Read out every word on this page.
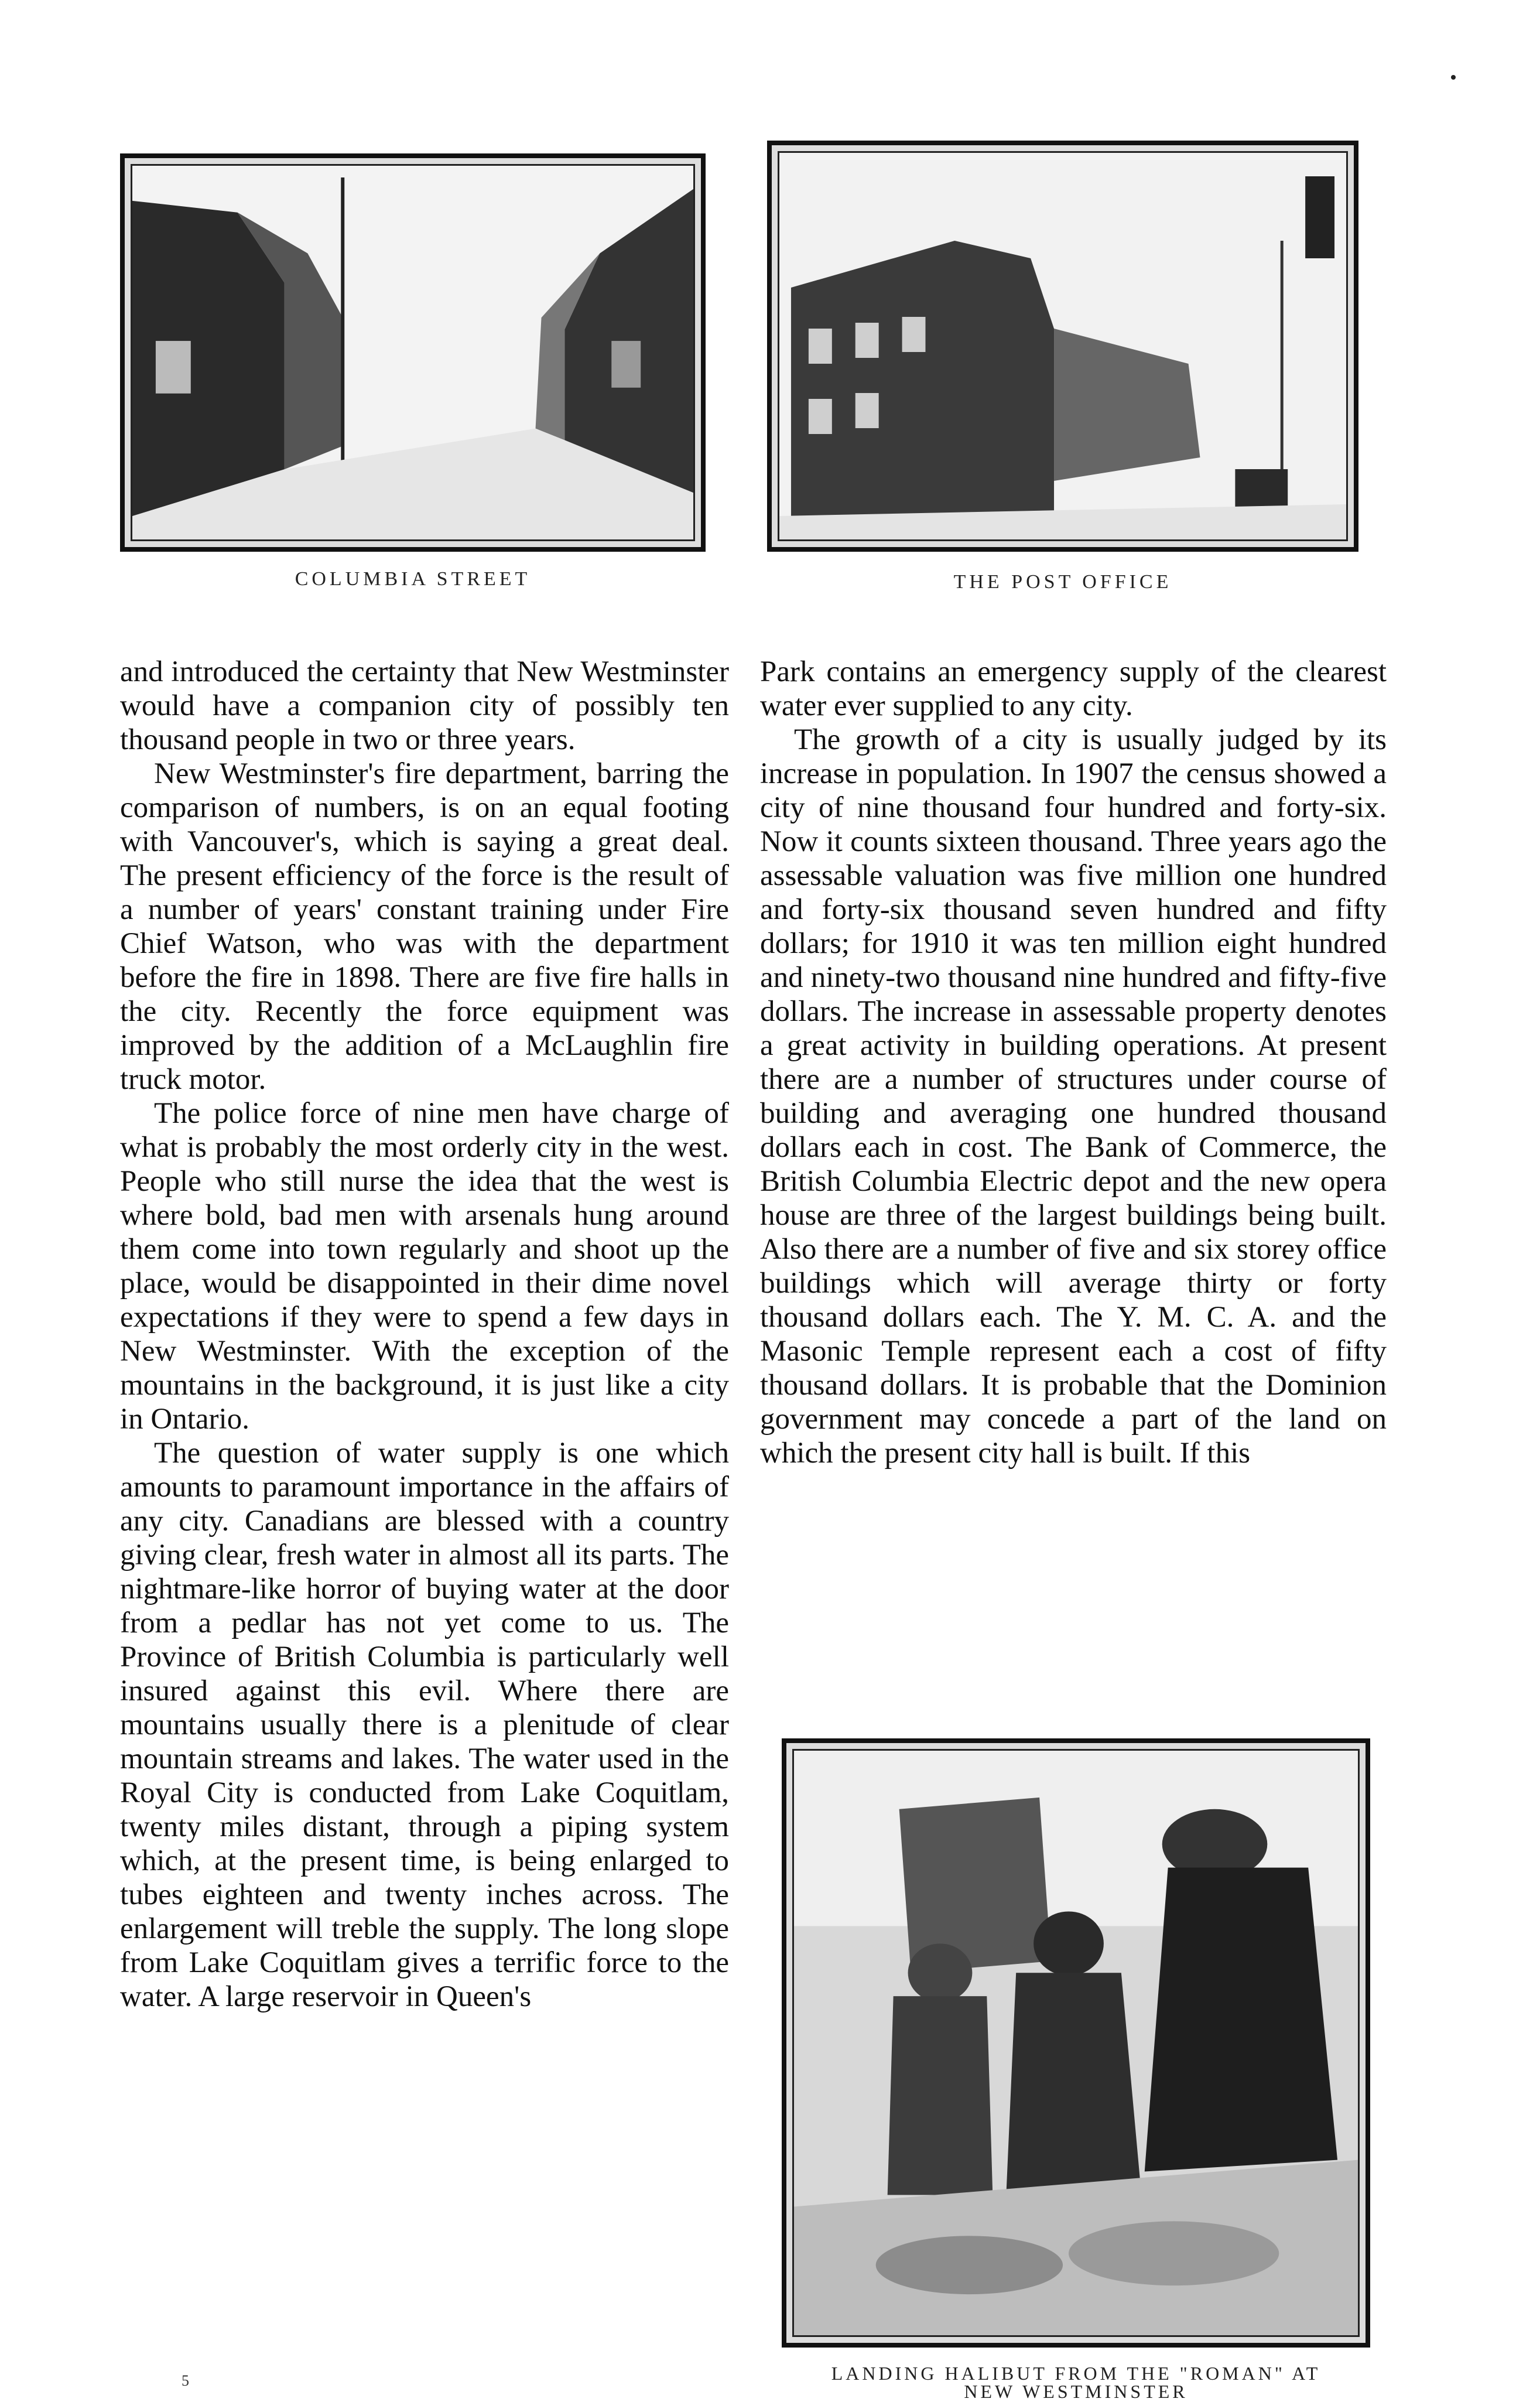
COLUMBIA STREET	THE POST OFFICE

and introduced the certainty that New Westminster would have a companion city of possibly ten thousand people in two or three years.

New Westminster's fire department, barring the comparison of numbers, is on an equal footing with Vancouver's, which is saying a great deal. The present efficiency of the force is the result of a number of years' constant training under Fire Chief Watson, who was with the department before the fire in 1898. There are five fire halls in the city. Recently the force equipment was improved by the addition of a McLaughlin fire truck motor.

The police force of nine men have charge of what is probably the most orderly city in the west. People who still nurse the idea that the west is where bold, bad men with arsenals hung around them come into town regularly and shoot up the place, would be disappointed in their dime novel expectations if they were to spend a few days in New Westminster. With the exception of the mountains in the background, it is just like a city in Ontario.

The question of water supply is one which amounts to paramount importance in the affairs of any city. Canadians are blessed with a country giving clear, fresh water in almost all its parts. The nightmare-like horror of buying water at the door from a pedlar has not yet come to us. The Province of British Columbia is particularly well insured against this evil. Where there are mountains usually there is a plenitude of clear mountain streams and lakes. The water used in the Royal City is conducted from Lake Coquitlam, twenty miles distant, through a piping system which, at the present time, is being enlarged to tubes eighteen and twenty inches across. The enlargement will treble the supply. The long slope from Lake Coquitlam gives a terrific force to the water. A large reservoir in Queen's

Park contains an emergency supply of the clearest water ever supplied to any city.

The growth of a city is usually judged by its increase in population. In 1907 the census showed a city of nine thousand four hundred and forty-six. Now it counts sixteen thousand. Three years ago the assessable valuation was five million one hundred and forty-six thousand seven hundred and fifty dollars; for 1910 it was ten million eight hundred and ninety-two thousand nine hundred and fifty-five dollars. The increase in assessable property denotes a great activity in building operations. At present there are a number of structures under course of building and averaging one hundred thousand dollars each in cost. The Bank of Commerce, the British Columbia Electric depot and the new opera house are three of the largest buildings being built. Also there are a number of five and six storey office buildings which will average thirty or forty thousand dollars each. The Y. M. C. A. and the Masonic Temple represent each a cost of fifty thousand dollars. It is probable that the Dominion government may concede a part of the land on which the present city hall is built. If this

LANDING HALIBUT FROM THE "ROMAN" AT
NEW WESTMINSTER
5
